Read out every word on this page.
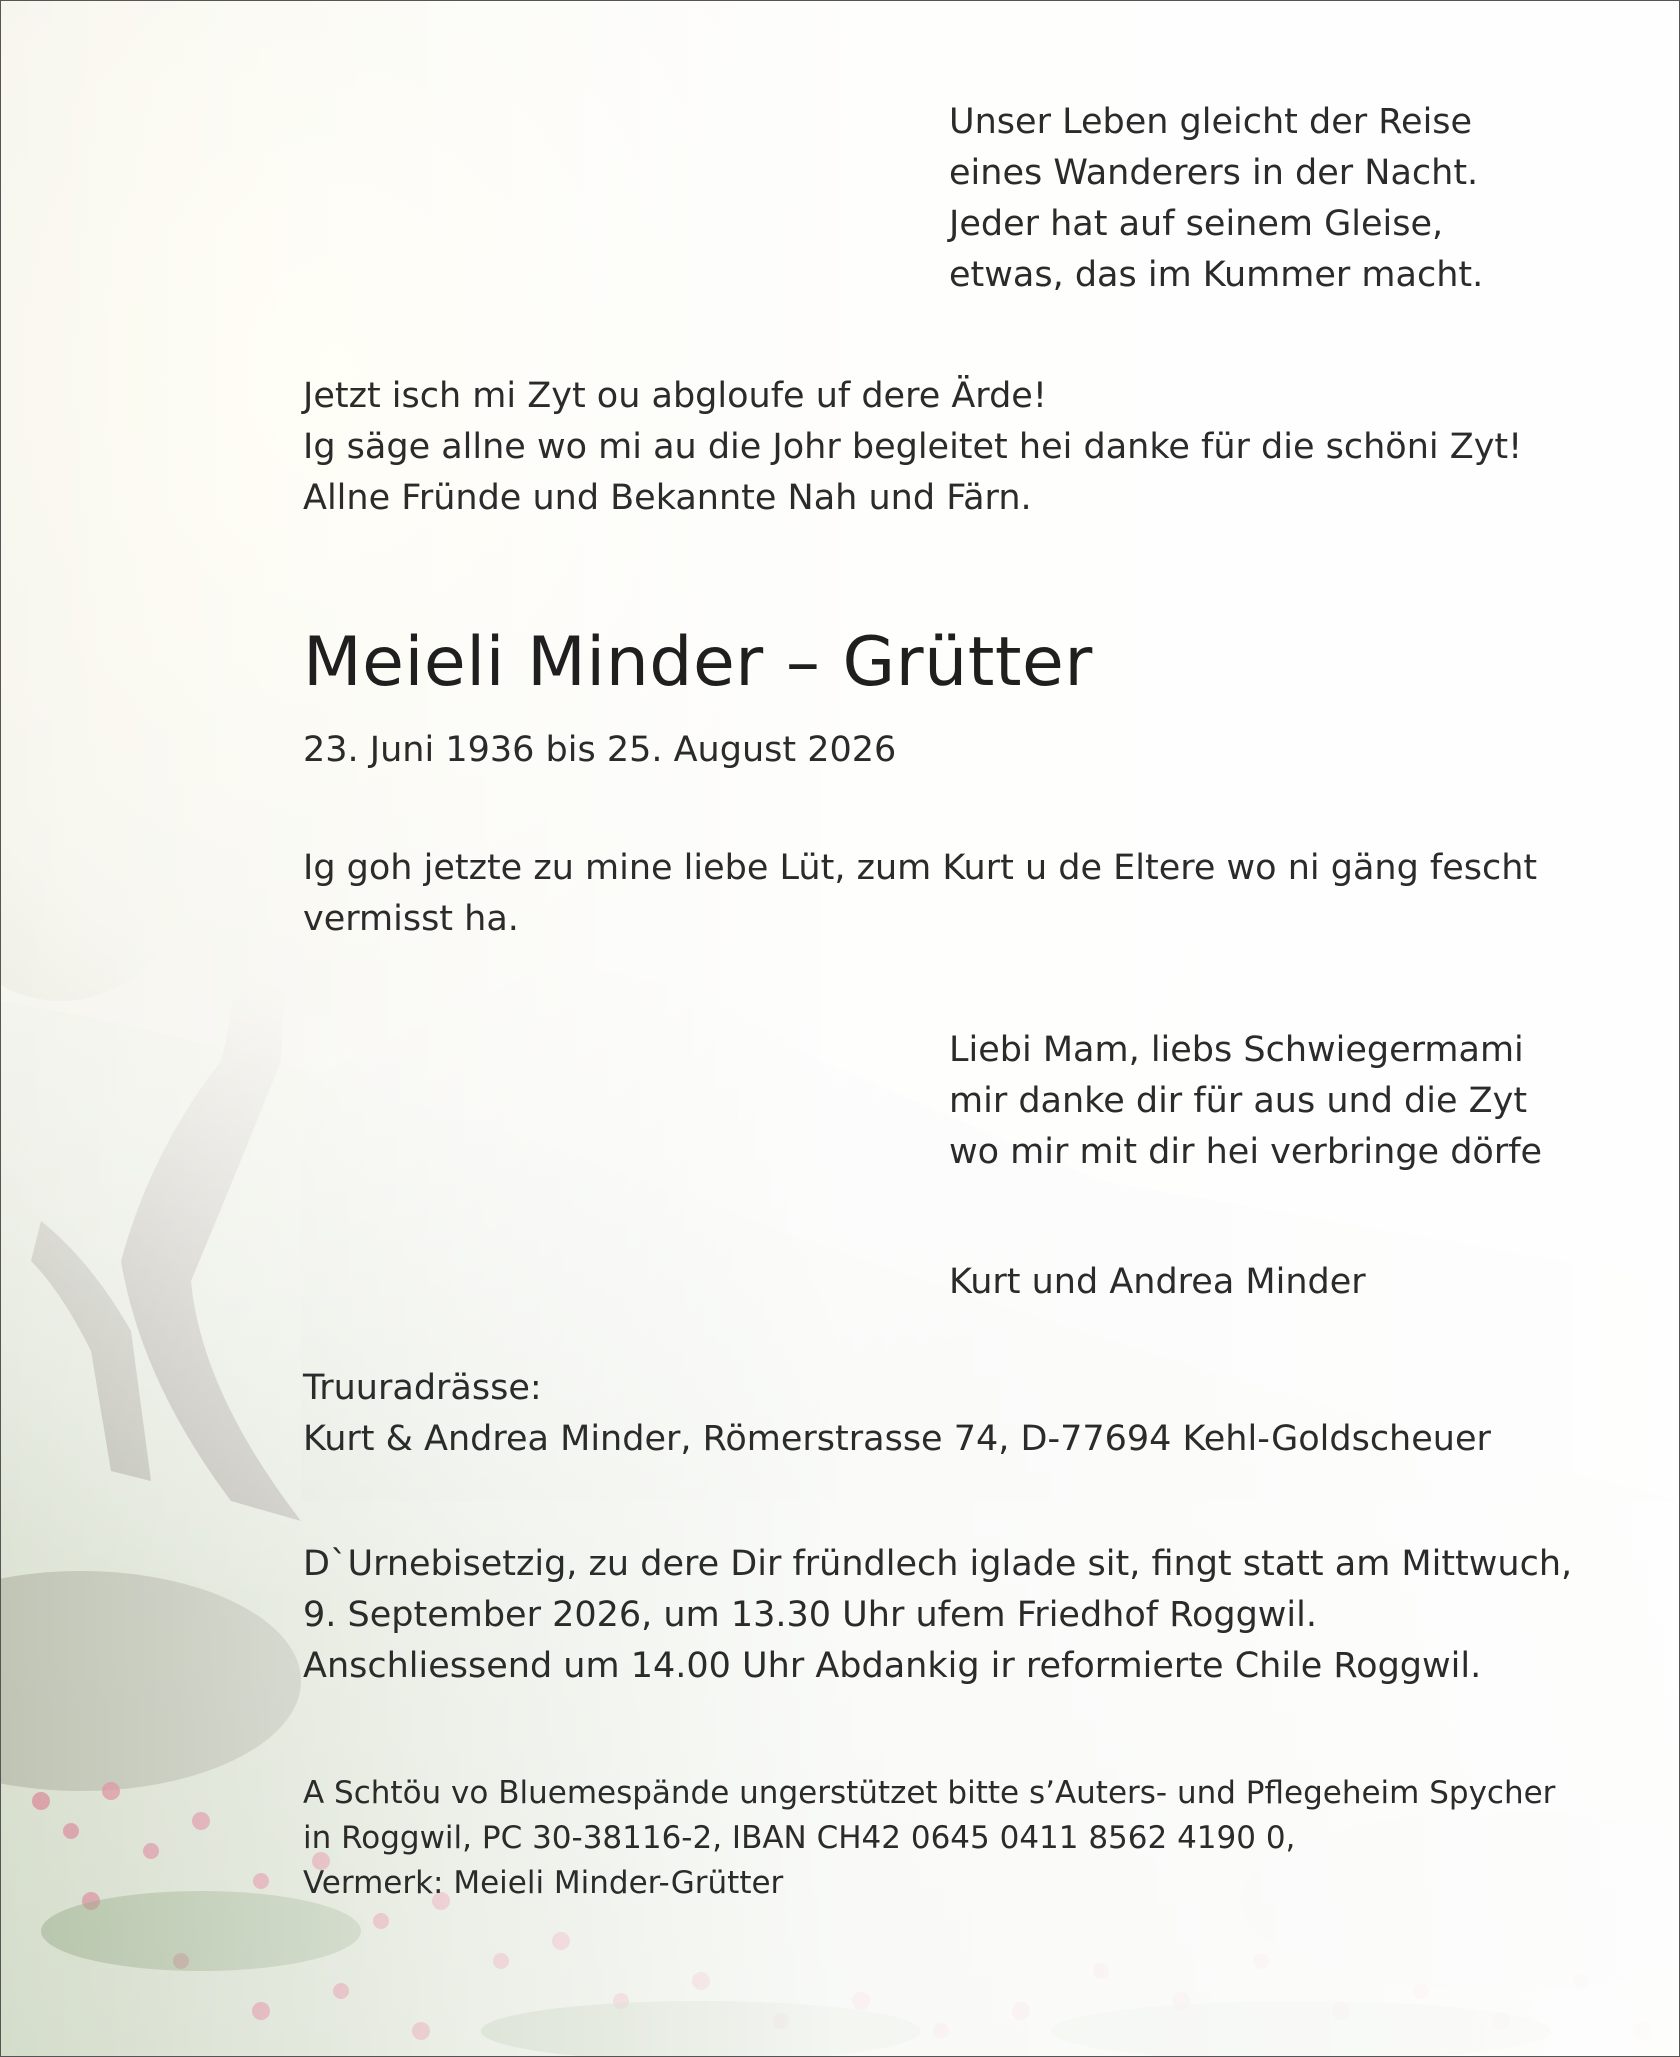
Unser Leben gleicht der Reise
eines Wanderers in der Nacht.
Jeder hat auf seinem Gleise,
etwas, das im Kummer macht.

Jetzt isch mi Zyt ou abgloufe uf dere Ärde!
Ig säge allne wo mi au die Johr begleitet hei danke für die schöni Zyt!
Allne Fründe und Bekannte Nah und Färn.

Meieli Minder – Grütter

23. Juni 1936 bis 25. August 2026

Ig goh jetzte zu mine liebe Lüt, zum Kurt u de Eltere wo ni gäng fescht
vermisst ha.

Liebi Mam, liebs Schwiegermami
mir danke dir für aus und die Zyt
wo mir mit dir hei verbringe dörfe

Kurt und Andrea Minder

Truuradrässe:
Kurt & Andrea Minder, Römerstrasse 74, D-77694 Kehl-Goldscheuer

D`Urnebisetzig, zu dere Dir fründlech iglade sit, fingt statt am Mittwuch,
9. September 2026, um 13.30 Uhr ufem Friedhof Roggwil.
Anschliessend um 14.00 Uhr Abdankig ir reformierte Chile Roggwil.

A Schtöu vo Bluemespände ungerstützet bitte s’Auters- und Pflegeheim Spycher
in Roggwil, PC 30-38116-2, IBAN CH42 0645 0411 8562 4190 0,
Vermerk: Meieli Minder-Grütter
